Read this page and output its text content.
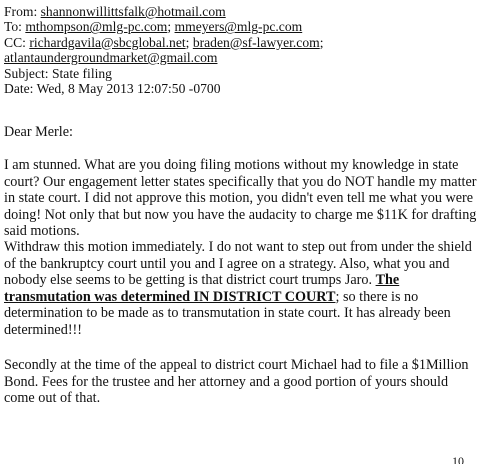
From: shannonwillittsfalk@hotmail.com
To: mthompson@mlg-pc.com; mmeyers@mlg-pc.com
CC: richardgavila@sbcglobal.net; braden@sf-lawyer.com;
atlantaundergroundmarket@gmail.com
Subject: State filing
Date: Wed, 8 May 2013 12:07:50 -0700
Dear Merle:
I am stunned. What are you doing filing motions without my knowledge in state
court? Our engagement letter states specifically that you do NOT handle my matter
in state court. I did not approve this motion, you didn't even tell me what you were
doing! Not only that but now you have the audacity to charge me $11K for drafting
said motions.
Withdraw this motion immediately. I do not want to step out from under the shield
of the bankruptcy court until you and I agree on a strategy. Also, what you and
nobody else seems to be getting is that district court trumps Jaro. The
transmutation was determined IN DISTRICT COURT; so there is no
determination to be made as to transmutation in state court. It has already been
determined!!!
Secondly at the time of the appeal to district court Michael had to file a $1Million
Bond. Fees for the trustee and her attorney and a good portion of yours should
come out of that.
10
